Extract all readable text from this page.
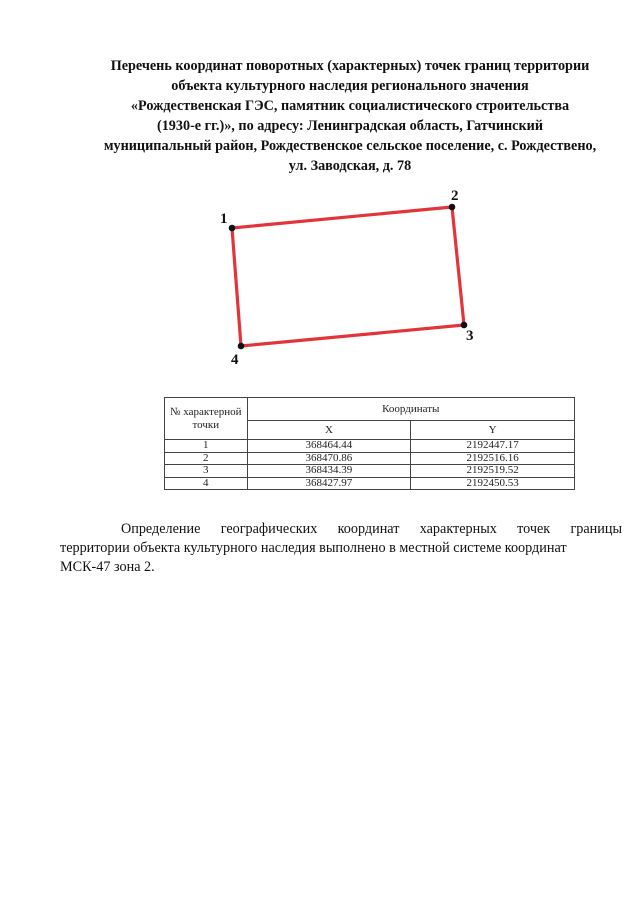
Перечень координат поворотных (характерных) точек границ территории
объекта культурного наследия регионального значения
«Рождественская ГЭС, памятник социалистического строительства
(1930-е гг.)», по адресу: Ленинградская область, Гатчинский
муниципальный район, Рождественское сельское поселение, с. Рождествено,
ул. Заводская, д. 78
1
2
3
4
№ характерной точки	Координаты	
	X	Y
1	368464.44	2192447.17
2	368470.86	2192516.16
3	368434.39	2192519.52
4	368427.97	2192450.53
Определение географических координат характерных точек границы
территории объекта культурного наследия выполнено в местной системе координат
МСК-47 зона 2.
